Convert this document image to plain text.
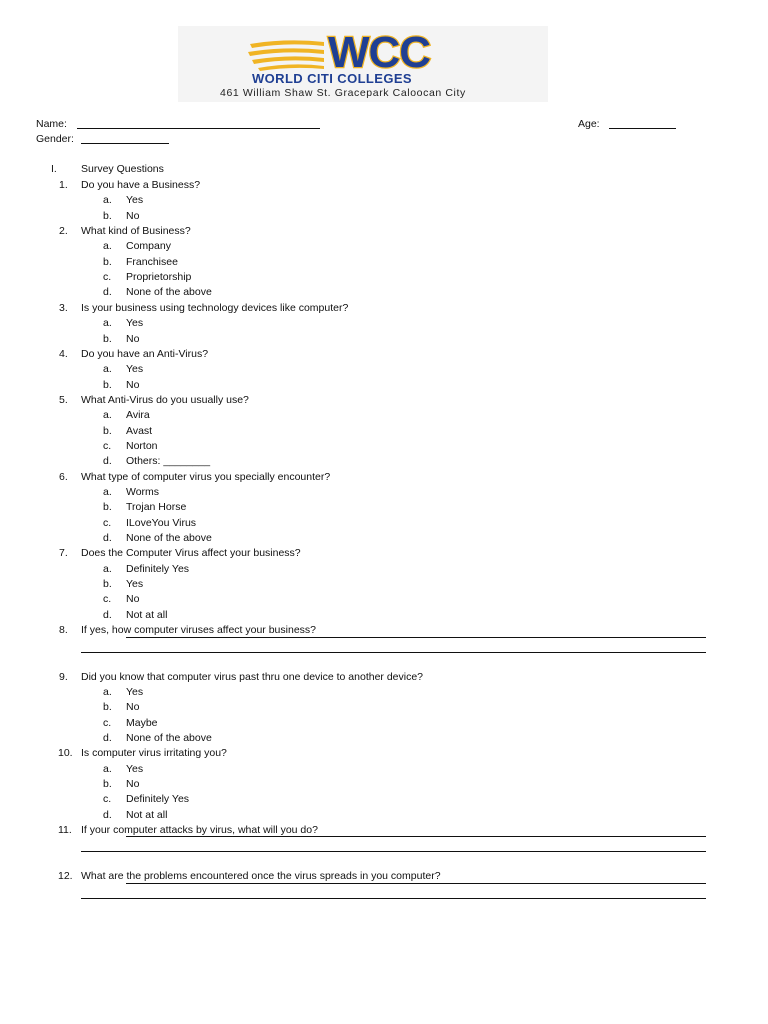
WCC
WORLD CITI COLLEGES
461 William Shaw St. Gracepark Caloocan City
Name:	Age:
Gender:
I. Survey Questions
1. Do you have a Business?
a. Yes
b. No
2. What kind of Business?
a. Company
b. Franchisee
c. Proprietorship
d. None of the above
3. Is your business using technology devices like computer?
a. Yes
b. No
4. Do you have an Anti-Virus?
a. Yes
b. No
5. What Anti-Virus do you usually use?
a. Avira
b. Avast
c. Norton
d. Others: ________
6. What type of computer virus you specially encounter?
a. Worms
b. Trojan Horse
c. ILoveYou Virus
d. None of the above
7. Does the Computer Virus affect your business?
a. Definitely Yes
b. Yes
c. No
d. Not at all
8. If yes, how computer viruses affect your business?
9. Did you know that computer virus past thru one device to another device?
a. Yes
b. No
c. Maybe
d. None of the above
10. Is computer virus irritating you?
a. Yes
b. No
c. Definitely Yes
d. Not at all
11. If your computer attacks by virus, what will you do?
12. What are the problems encountered once the virus spreads in you computer?
